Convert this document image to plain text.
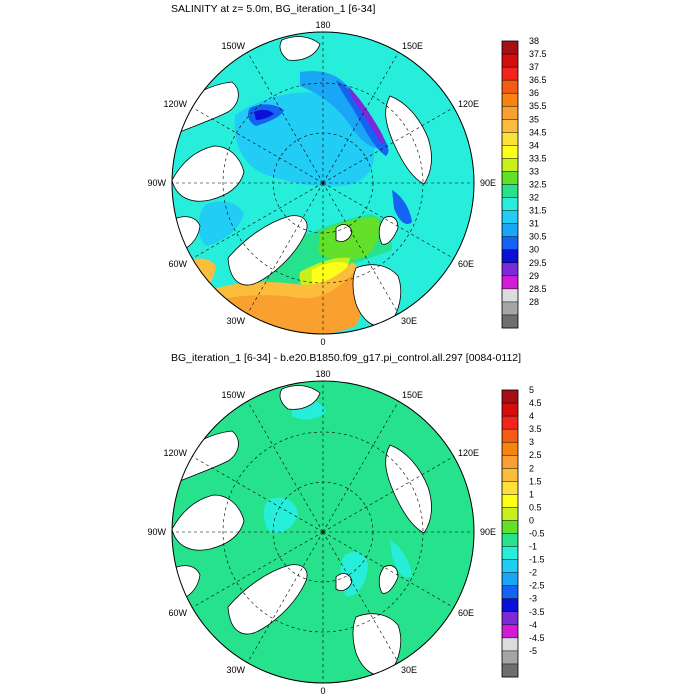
SALINITY at z= 5.0m, BG_iteration_1 [6-34]
180
150E
120E
90E
60E
30E
0
30W
60W
90W
120W
150W	38
37.5
37
36.5
36
35.5
35
34.5
34
33.5
33
32.5
32
31.5
31
30.5
30
29.5
29
28.5
28
BG_iteration_1 [6-34] - b.e20.B1850.f09_g17.pi_control.all.297 [0084-0112]
180
150E
120E
90E
60E
30E
0
30W
60W
90W
120W
150W	5
4.5
4
3.5
3
2.5
2
1.5
1
0.5
0
-0.5
-1
-1.5
-2
-2.5
-3
-3.5
-4
-4.5
-5
